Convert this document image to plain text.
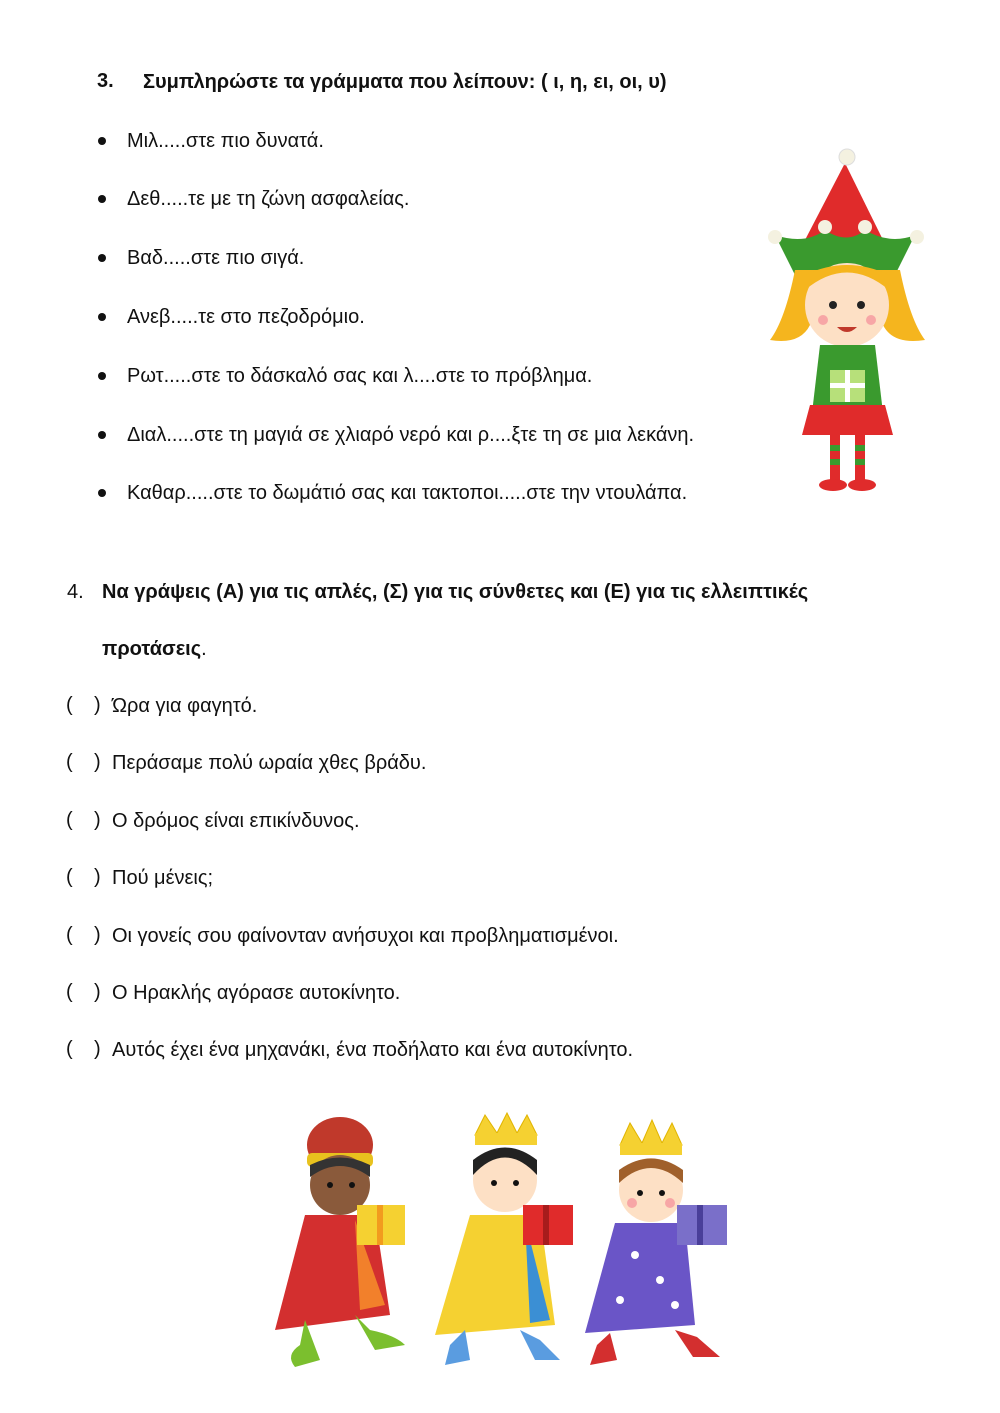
3. Συμπληρώστε τα γράμματα που λείπουν: ( ι, η, ει, οι, υ)
Μιλ.....στε πιο δυνατά.
Δεθ.....τε με τη ζώνη ασφαλείας.
Βαδ.....στε πιο σιγά.
Ανεβ.....τε στο πεζοδρόμιο.
Ρωτ.....στε το δάσκαλό σας και λ....στε το πρόβλημα.
Διαλ.....στε τη μαγιά σε χλιαρό νερό και ρ....ξτε τη σε μια λεκάνη.
Καθαρ.....στε το δωμάτιό σας και τακτοποι.....στε την ντουλάπα.
4. Να γράψεις (Α) για τις απλές, (Σ) για τις σύνθετες και (Ε) για τις ελλειπτικές
προτάσεις.
( ) Ώρα για φαγητό.
( ) Περάσαμε πολύ ωραία χθες βράδυ.
( ) Ο δρόμος είναι επικίνδυνος.
( ) Πού μένεις;
( ) Οι γονείς σου φαίνονταν ανήσυχοι και προβληματισμένοι.
( ) Ο Ηρακλής αγόρασε αυτοκίνητο.
( ) Αυτός έχει ένα μηχανάκι, ένα ποδήλατο και ένα αυτοκίνητο.
